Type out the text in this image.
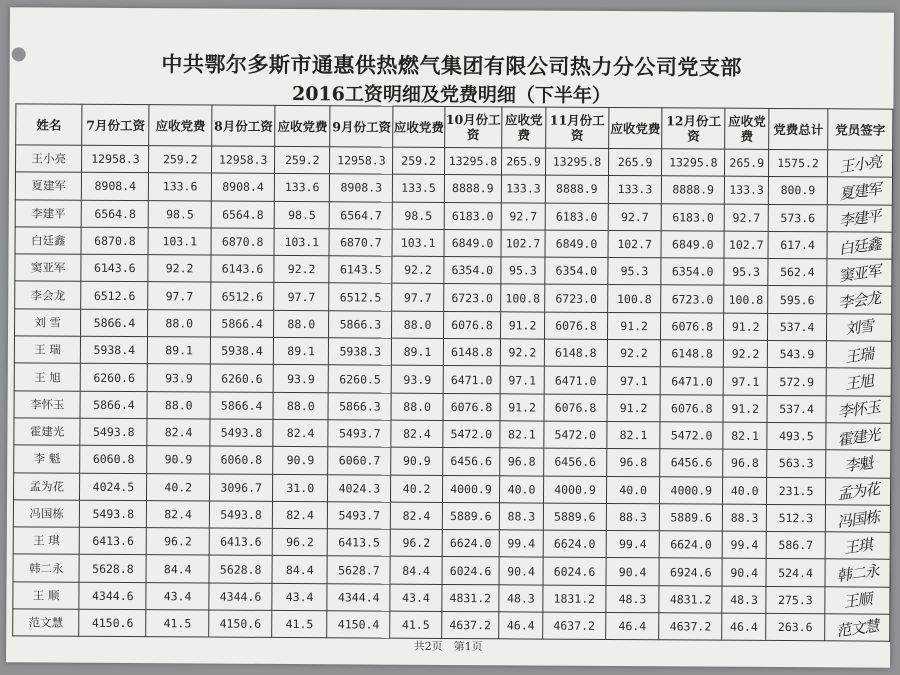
中共鄂尔多斯市通惠供热燃气集团有限公司热力分公司党支部
2016工资明细及党费明细（下半年）
姓名	7月份工资	应收党费	8月份工资	应收党费	9月份工资	应收党费	10月份工资	应收党费	11月份工资	应收党费	12月份工资	应收党费	党费总计	党员签字
王小亮	12958.3	259.2	12958.3	259.2	12958.3	259.2	13295.8	265.9	13295.8	265.9	13295.8	265.9	1575.2	王小亮
夏建军	8908.4	133.6	8908.4	133.6	8908.3	133.5	8888.9	133.3	8888.9	133.3	8888.9	133.3	800.9	夏建军
李建平	6564.8	98.5	6564.8	98.5	6564.7	98.5	6183.0	92.7	6183.0	92.7	6183.0	92.7	573.6	李建平
白廷鑫	6870.8	103.1	6870.8	103.1	6870.7	103.1	6849.0	102.7	6849.0	102.7	6849.0	102.7	617.4	白廷鑫
窦亚军	6143.6	92.2	6143.6	92.2	6143.5	92.2	6354.0	95.3	6354.0	95.3	6354.0	95.3	562.4	窦亚军
李会龙	6512.6	97.7	6512.6	97.7	6512.5	97.7	6723.0	100.8	6723.0	100.8	6723.0	100.8	595.6	李会龙
刘 雪	5866.4	88.0	5866.4	88.0	5866.3	88.0	6076.8	91.2	6076.8	91.2	6076.8	91.2	537.4	刘雪
王 瑞	5938.4	89.1	5938.4	89.1	5938.3	89.1	6148.8	92.2	6148.8	92.2	6148.8	92.2	543.9	王瑞
王 旭	6260.6	93.9	6260.6	93.9	6260.5	93.9	6471.0	97.1	6471.0	97.1	6471.0	97.1	572.9	王旭
李怀玉	5866.4	88.0	5866.4	88.0	5866.3	88.0	6076.8	91.2	6076.8	91.2	6076.8	91.2	537.4	李怀玉
霍建光	5493.8	82.4	5493.8	82.4	5493.7	82.4	5472.0	82.1	5472.0	82.1	5472.0	82.1	493.5	霍建光
李 魁	6060.8	90.9	6060.8	90.9	6060.7	90.9	6456.6	96.8	6456.6	96.8	6456.6	96.8	563.3	李魁
孟为花	4024.5	40.2	3096.7	31.0	4024.3	40.2	4000.9	40.0	4000.9	40.0	4000.9	40.0	231.5	孟为花
冯国栋	5493.8	82.4	5493.8	82.4	5493.7	82.4	5889.6	88.3	5889.6	88.3	5889.6	88.3	512.3	冯国栋
王 琪	6413.6	96.2	6413.6	96.2	6413.5	96.2	6624.0	99.4	6624.0	99.4	6624.0	99.4	586.7	王琪
韩二永	5628.8	84.4	5628.8	84.4	5628.7	84.4	6024.6	90.4	6024.6	90.4	6924.6	90.4	524.4	韩二永
王 顺	4344.6	43.4	4344.6	43.4	4344.4	43.4	4831.2	48.3	1831.2	48.3	4831.2	48.3	275.3	王顺
范文慧	4150.6	41.5	4150.6	41.5	4150.4	41.5	4637.2	46.4	4637.2	46.4	4637.2	46.4	263.6	范文慧
共2页　第1页
